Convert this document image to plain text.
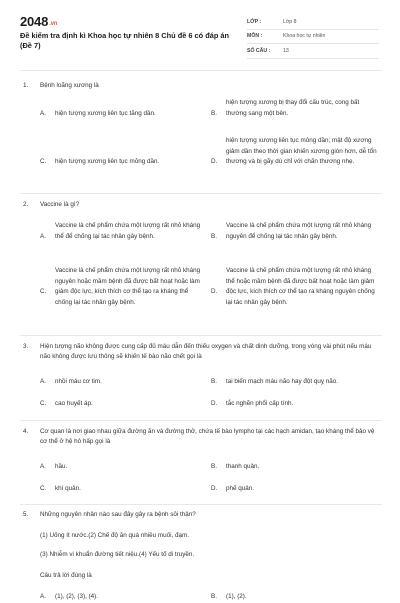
2048.vn
Đề kiểm tra định kì Khoa học tự nhiên 8 Chủ đề 6 có đáp án (Đề 7)
LỚP :	Lớp 8
MÔN :	Khoa học tự nhiên
SỐ CÂU :	13
1. Bệnh loãng xương là
A. hiện tượng xương liên tục tăng dần.	B.
hiện tượng xương bị thay đổi cấu trúc, cong bất thường sang một bên.
C. hiện tượng xương liên tục mỏng dần.	D.
hiện tượng xương liên tục mỏng dần; mật độ xương giảm dần theo thời gian khiến xương giòn hơn, dễ tổn thương và bị gãy dù chỉ với chấn thương nhẹ.
2. Vaccine là gì?
A.
Vaccine là chế phẩm chứa một lượng rất nhỏ kháng thể để chống lại tác nhân gây bệnh.	B.
Vaccine là chế phẩm chứa một lượng rất nhỏ kháng nguyên để chống lại tác nhân gây bệnh.
C.
Vaccine là chế phẩm chứa một lượng rất nhỏ kháng nguyên hoặc mầm bệnh đã được bất hoạt hoặc làm giảm độc lực, kích thích cơ thể tạo ra kháng thể chống lại tác nhân gây bệnh.
D.
Vaccine là chế phẩm chứa một lượng rất nhỏ kháng thể hoặc mầm bệnh đã được bất hoạt hoặc làm giảm độc lực, kích thích cơ thể tạo ra kháng nguyên chống lại tác nhân gây bệnh.
3. Hiện tượng não không được cung cấp đủ máu dẫn đến thiếu oxygen và chất dinh dưỡng, trong vòng vài phút nếu máu não không được lưu thông sẽ khiến tế bào não chết gọi là
A. nhồi máu cơ tim.	B. tai biến mạch máu não hay đột quỵ não.
C. cao huyết áp.	D. tắc nghẽn phổi cấp tính.
4. Cơ quan là nơi giao nhau giữa đường ăn và đường thở, chứa tế bào lympho tại các hạch amidan, tạo kháng thể bảo vệ cơ thể ở hệ hô hấp gọi là
A. hầu.	B. thanh quản.
C. khí quản.	D. phế quản.
5. Những nguyên nhân nào sau đây gây ra bệnh sỏi thận?
(1) Uống ít nước.(2) Chế độ ăn quá nhiều muối, đạm.
(3) Nhiễm vi khuẩn đường tiết niệu.(4) Yếu tố di truyền.
Câu trả lời đúng là
A. (1), (2), (3), (4).	B. (1), (2).
